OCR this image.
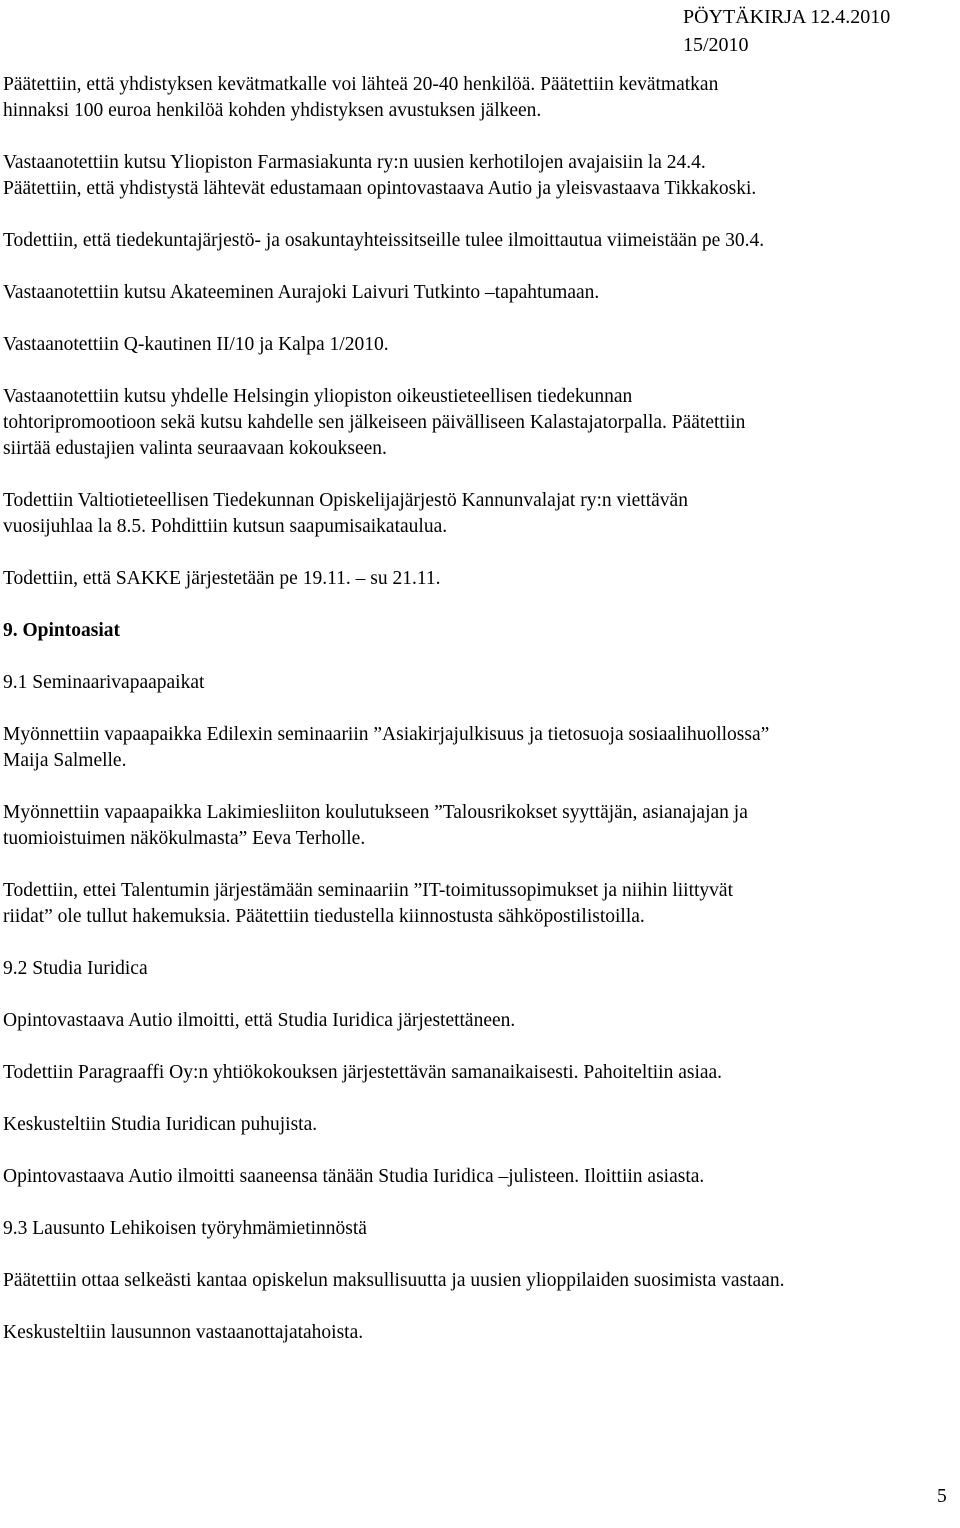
PÖYTÄKIRJA 12.4.2010
15/2010

Päätettiin, että yhdistyksen kevätmatkalle voi lähteä 20-40 henkilöä. Päätettiin kevätmatkan
hinnaksi 100 euroa henkilöä kohden yhdistyksen avustuksen jälkeen.

Vastaanotettiin kutsu Yliopiston Farmasiakunta ry:n uusien kerhotilojen avajaisiin la 24.4.
Päätettiin, että yhdistystä lähtevät edustamaan opintovastaava Autio ja yleisvastaava Tikkakoski.

Todettiin, että tiedekuntajärjestö- ja osakuntayhteissitseille tulee ilmoittautua viimeistään pe 30.4.

Vastaanotettiin kutsu Akateeminen Aurajoki Laivuri Tutkinto –tapahtumaan.

Vastaanotettiin Q-kautinen II/10 ja Kalpa 1/2010.

Vastaanotettiin kutsu yhdelle Helsingin yliopiston oikeustieteellisen tiedekunnan
tohtoripromootioon sekä kutsu kahdelle sen jälkeiseen päivälliseen Kalastajatorpalla. Päätettiin
siirtää edustajien valinta seuraavaan kokoukseen.

Todettiin Valtiotieteellisen Tiedekunnan Opiskelijajärjestö Kannunvalajat ry:n viettävän
vuosijuhlaa la 8.5. Pohdittiin kutsun saapumisaikataulua.

Todettiin, että SAKKE järjestetään pe 19.11. – su 21.11.

9. Opintoasiat

9.1 Seminaarivapaapaikat

Myönnettiin vapaapaikka Edilexin seminaariin ”Asiakirjajulkisuus ja tietosuoja sosiaalihuollossa”
Maija Salmelle.

Myönnettiin vapaapaikka Lakimiesliiton koulutukseen ”Talousrikokset syyttäjän, asianajajan ja
tuomioistuimen näkökulmasta” Eeva Terholle.

Todettiin, ettei Talentumin järjestämään seminaariin ”IT-toimitussopimukset ja niihin liittyvät
riidat” ole tullut hakemuksia. Päätettiin tiedustella kiinnostusta sähköpostilistoilla.

9.2 Studia Iuridica

Opintovastaava Autio ilmoitti, että Studia Iuridica järjestettäneen.

Todettiin Paragraaffi Oy:n yhtiökokouksen järjestettävän samanaikaisesti. Pahoiteltiin asiaa.

Keskusteltiin Studia Iuridican puhujista.

Opintovastaava Autio ilmoitti saaneensa tänään Studia Iuridica –julisteen. Iloittiin asiasta.

9.3 Lausunto Lehikoisen työryhmämietinnöstä

Päätettiin ottaa selkeästi kantaa opiskelun maksullisuutta ja uusien ylioppilaiden suosimista vastaan.

Keskusteltiin lausunnon vastaanottajatahoista.

5
